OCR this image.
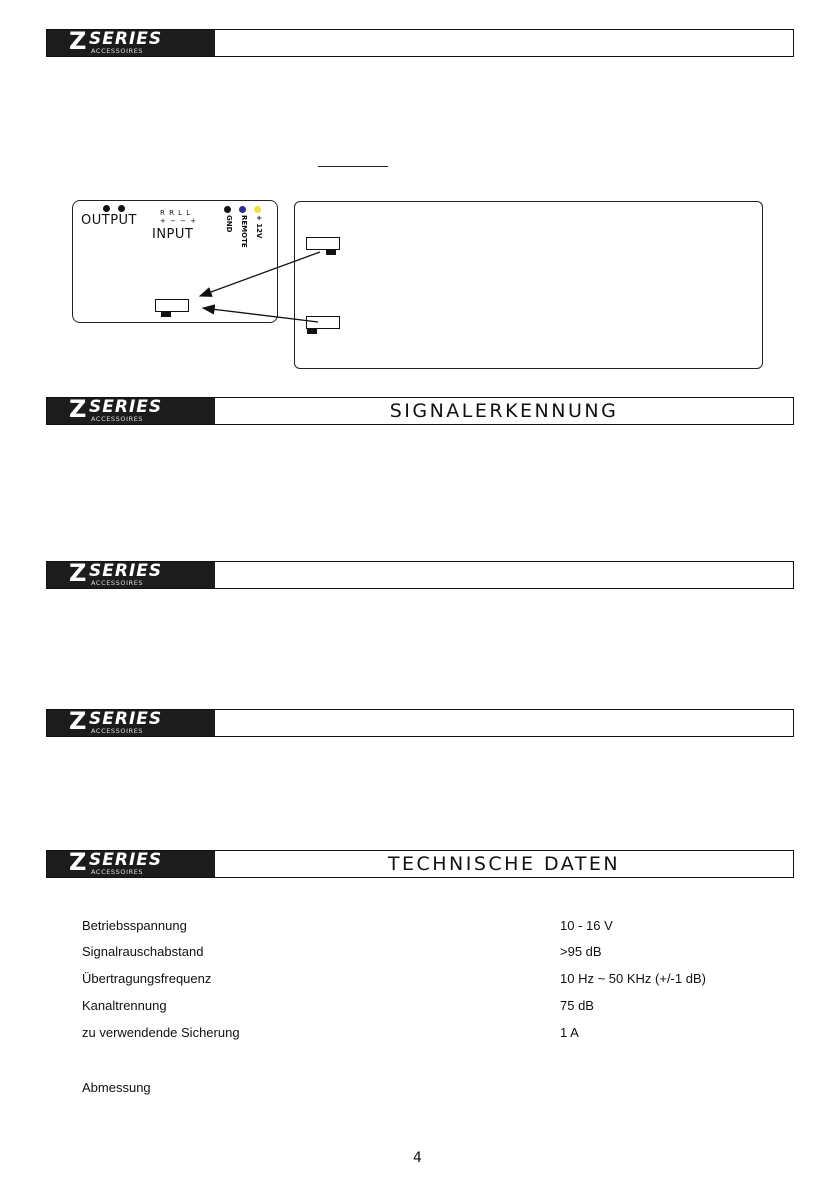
Z SERIES
ACCESSOIRES
OUTPUT	R R L L
+ − − +
INPUT
GND REMOTE + 12V
Z SERIES
ACCESSOIRES	SIGNALERKENNUNG
Z SERIES
ACCESSOIRES
Z SERIES
ACCESSOIRES
Z SERIES
ACCESSOIRES	TECHNISCHE DATEN
Betriebsspannung	10 - 16 V
Signalrauschabstand	>95 dB
Übertragungsfrequenz	10 Hz ~ 50 KHz (+/-1 dB)
Kanaltrennung	75 dB
zu verwendende Sicherung	1 A
Abmessung
4
